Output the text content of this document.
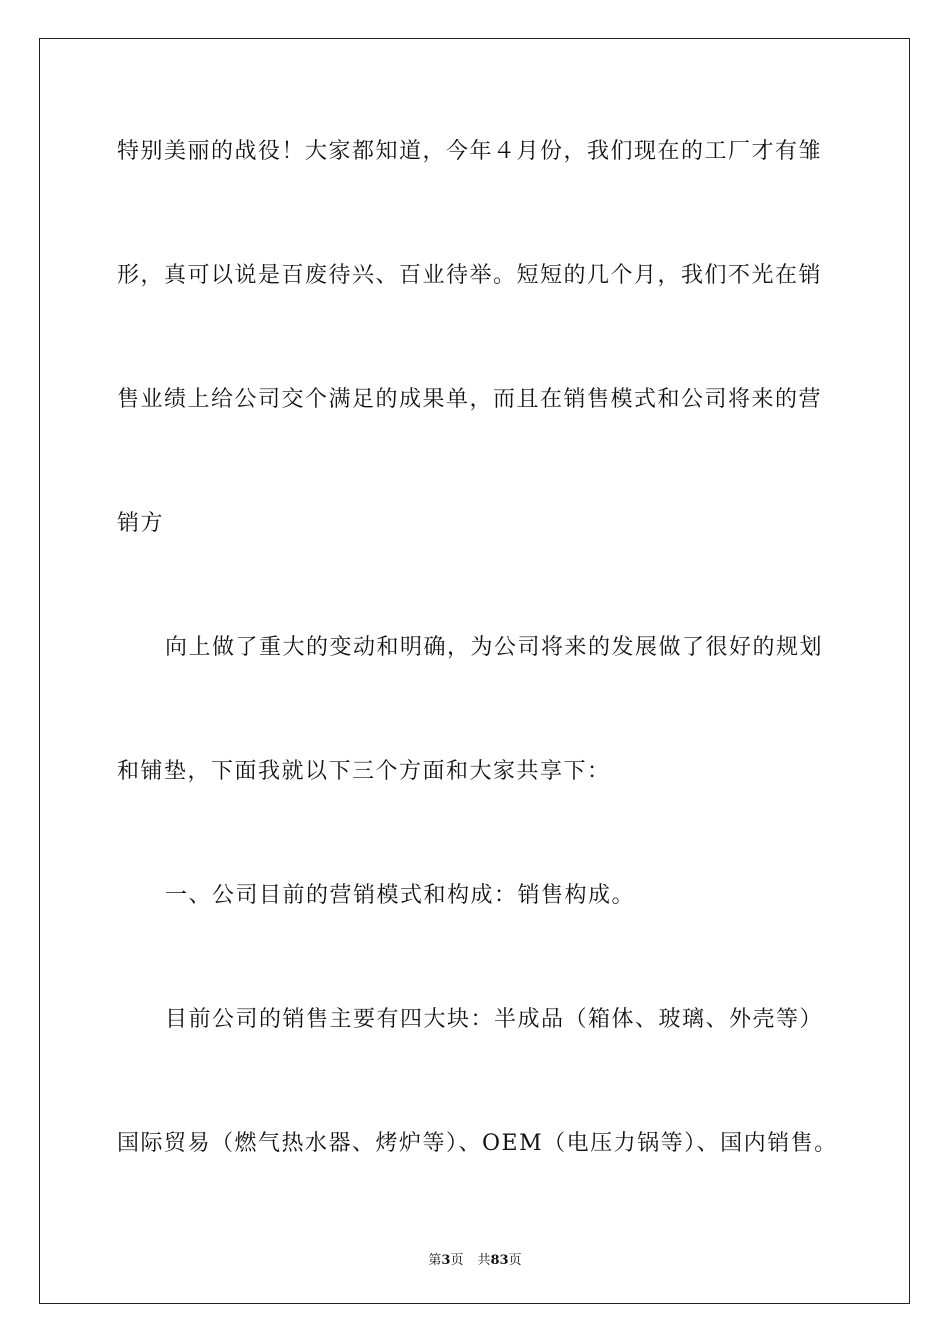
特别美丽的战役！大家都知道，今年４月份，我们现在的工厂才有雏
形，真可以说是百废待兴、百业待举。短短的几个月，我们不光在销
售业绩上给公司交个满足的成果单，而且在销售模式和公司将来的营
销方
向上做了重大的变动和明确，为公司将来的发展做了很好的规划
和铺垫，下面我就以下三个方面和大家共享下：
一、公司目前的营销模式和构成：销售构成。
目前公司的销售主要有四大块：半成品（箱体、玻璃、外壳等）
国际贸易（燃气热水器、烤炉等）、OEM（电压力锅等）、国内销售。
第3页 共83页
